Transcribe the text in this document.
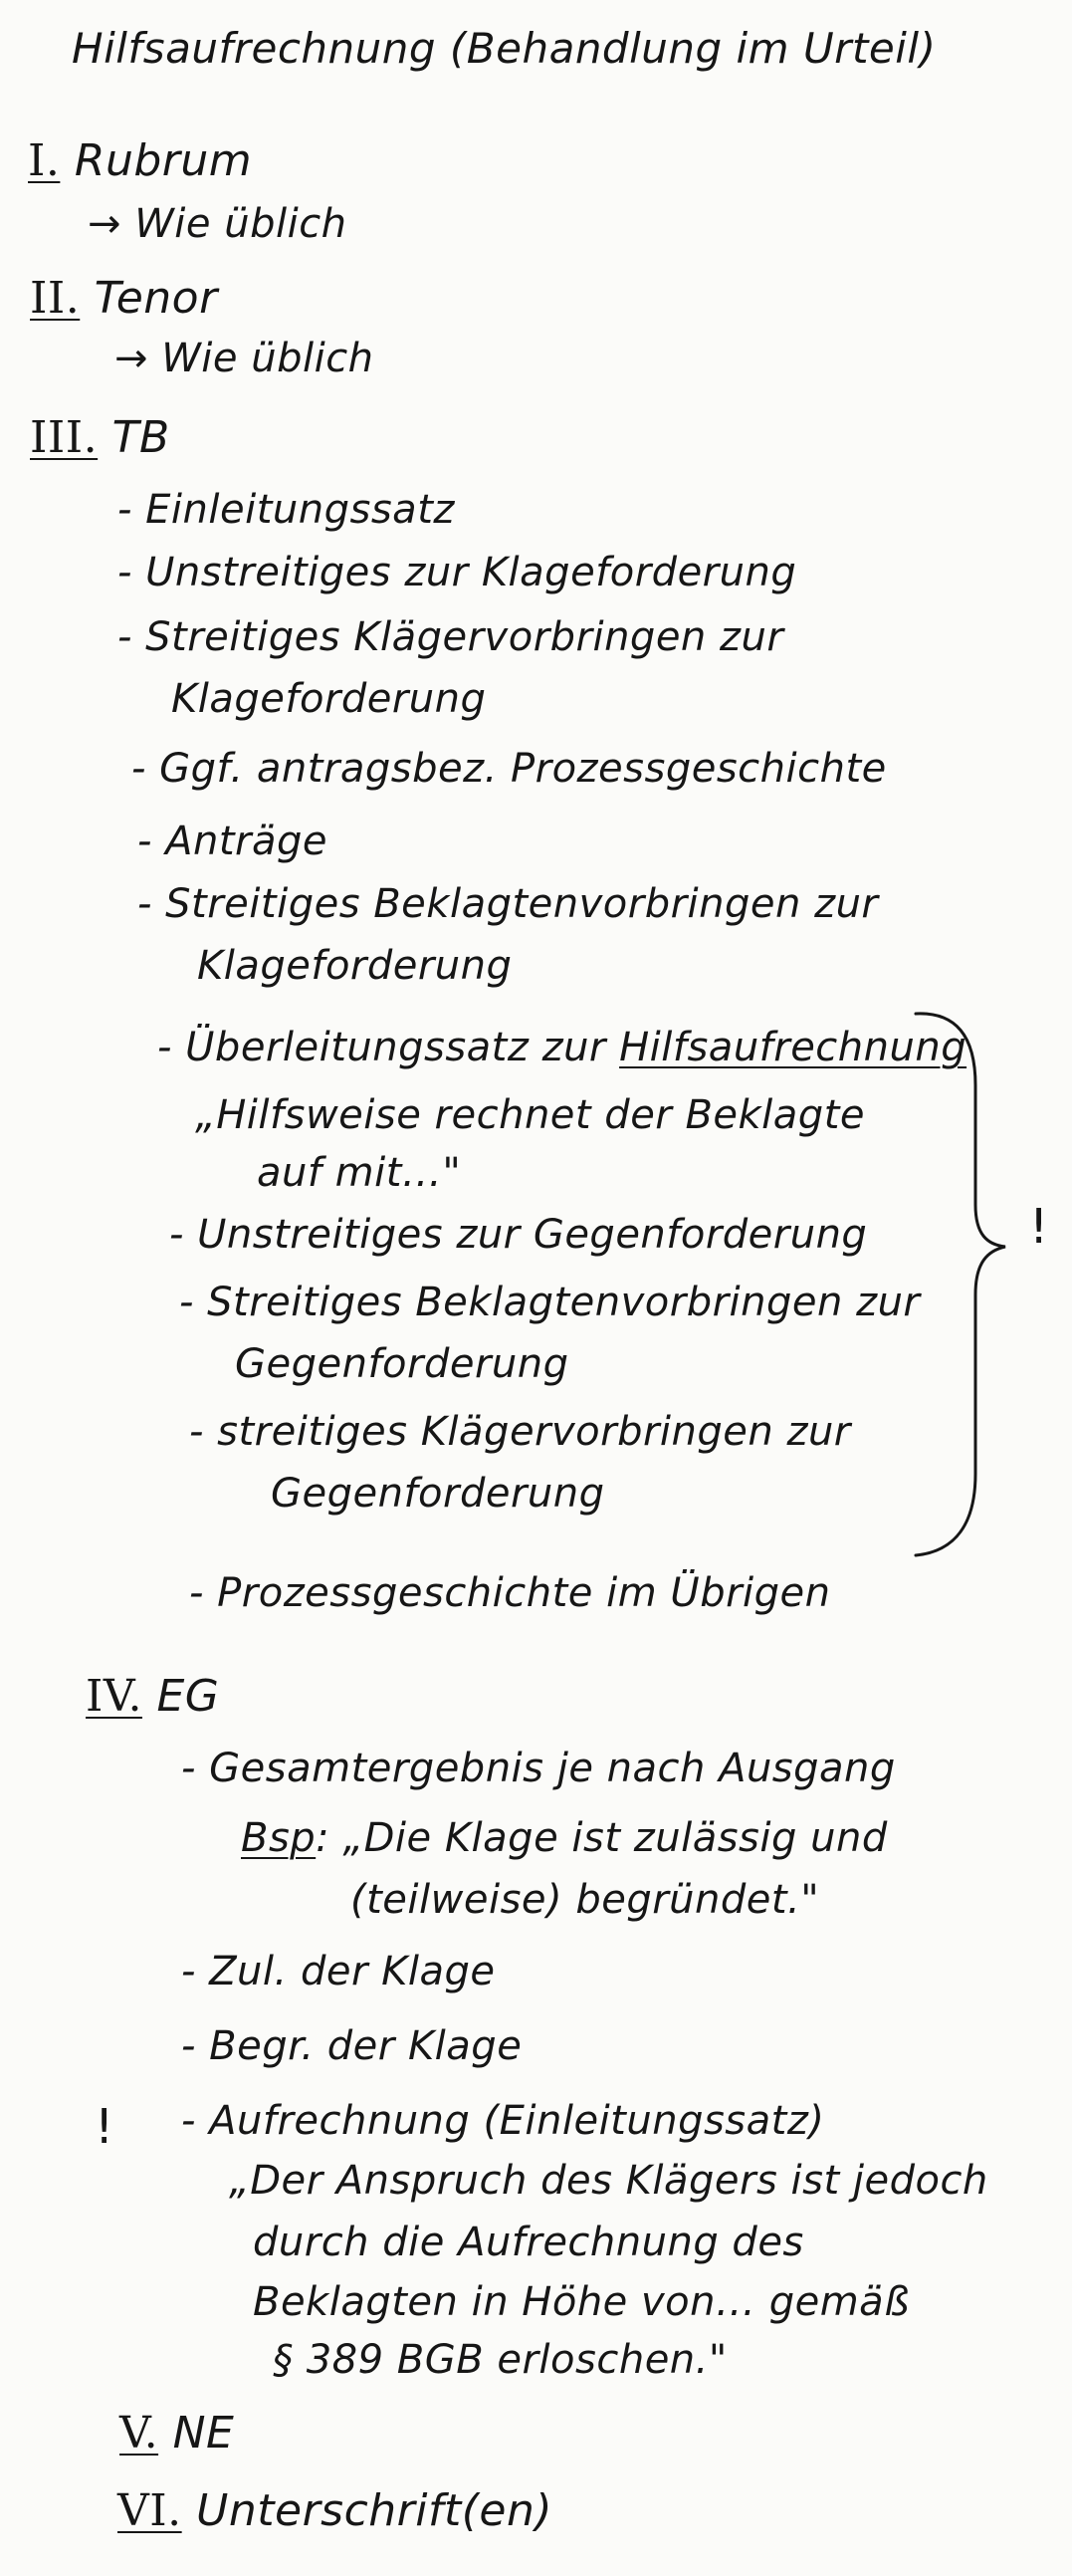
Hilfsaufrechnung (Behandlung im Urteil)
I. Rubrum
→ Wie üblich
II. Tenor
→ Wie üblich
III. TB
- Einleitungssatz
- Unstreitiges zur Klageforderung
- Streitiges Klägervorbringen zur
Klageforderung
- Ggf. antragsbez. Prozessgeschichte
- Anträge
- Streitiges Beklagtenvorbringen zur
Klageforderung
- Überleitungssatz zur Hilfsaufrechnung
„Hilfsweise rechnet der Beklagte
auf mit…"
- Unstreitiges zur Gegenforderung
- Streitiges Beklagtenvorbringen zur
Gegenforderung
- streitiges Klägervorbringen zur
Gegenforderung
!
- Prozessgeschichte im Übrigen
IV. EG
- Gesamtergebnis je nach Ausgang
Bsp: „Die Klage ist zulässig und
(teilweise) begründet."
- Zul. der Klage
- Begr. der Klage
! - Aufrechnung (Einleitungssatz)
„Der Anspruch des Klägers ist jedoch
durch die Aufrechnung des
Beklagten in Höhe von… gemäß
§ 389 BGB erloschen."
V. NE
VI. Unterschrift(en)
